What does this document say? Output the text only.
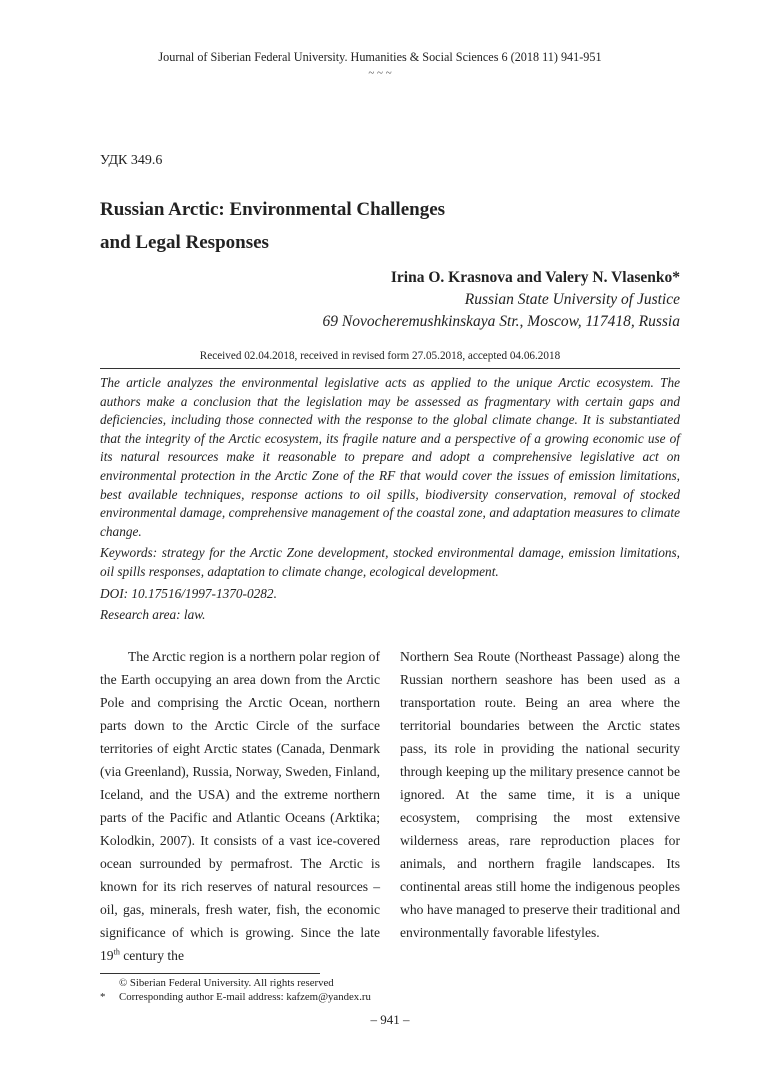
Journal of Siberian Federal University. Humanities & Social Sciences 6 (2018 11) 941-951
~ ~ ~
УДК 349.6
Russian Arctic: Environmental Challenges
and Legal Responses
Irina O. Krasnova and Valery N. Vlasenko*
Russian State University of Justice
69 Novocheremushkinskaya Str., Moscow, 117418, Russia
Received 02.04.2018, received in revised form 27.05.2018, accepted 04.06.2018

The article analyzes the environmental legislative acts as applied to the unique Arctic ecosystem. The authors make a conclusion that the legislation may be assessed as fragmentary with certain gaps and deficiencies, including those connected with the response to the global climate change. It is substantiated that the integrity of the Arctic ecosystem, its fragile nature and a perspective of a growing economic use of its natural resources make it reasonable to prepare and adopt a comprehensive legislative act on environmental protection in the Arctic Zone of the RF that would cover the issues of emission limitations, best available techniques, response actions to oil spills, biodiversity conservation, removal of stocked environmental damage, comprehensive management of the coastal zone, and adaptation measures to climate change.

Keywords: strategy for the Arctic Zone development, stocked environmental damage, emission limitations, oil spills responses, adaptation to climate change, ecological development.

DOI: 10.17516/1997-1370-0282.

Research area: law.

The Arctic region is a northern polar region of the Earth occupying an area down from the Arctic Pole and comprising the Arctic Ocean, northern parts down to the Arctic Circle of the surface territories of eight Arctic states (Canada, Denmark (via Greenland), Russia, Norway, Sweden, Finland, Iceland, and the USA) and the extreme northern parts of the Pacific and Atlantic Oceans (Arktika; Kolodkin, 2007). It consists of a vast ice-covered ocean surrounded by permafrost. The Arctic is known for its rich reserves of natural resources – oil, gas, minerals, fresh water, fish, the economic significance of which is growing. Since the late 19th century the

Northern Sea Route (Northeast Passage) along the Russian northern seashore has been used as a transportation route. Being an area where the territorial boundaries between the Arctic states pass, its role in providing the national security through keeping up the military presence cannot be ignored. At the same time, it is a unique ecosystem, comprising the most extensive wilderness areas, rare reproduction places for animals, and northern fragile landscapes. Its continental areas still home the indigenous peoples who have managed to preserve their traditional and environmentally favorable lifestyles.

© Siberian Federal University. All rights reserved
*	Corresponding author E-mail address: kafzem@yandex.ru
– 941 –
